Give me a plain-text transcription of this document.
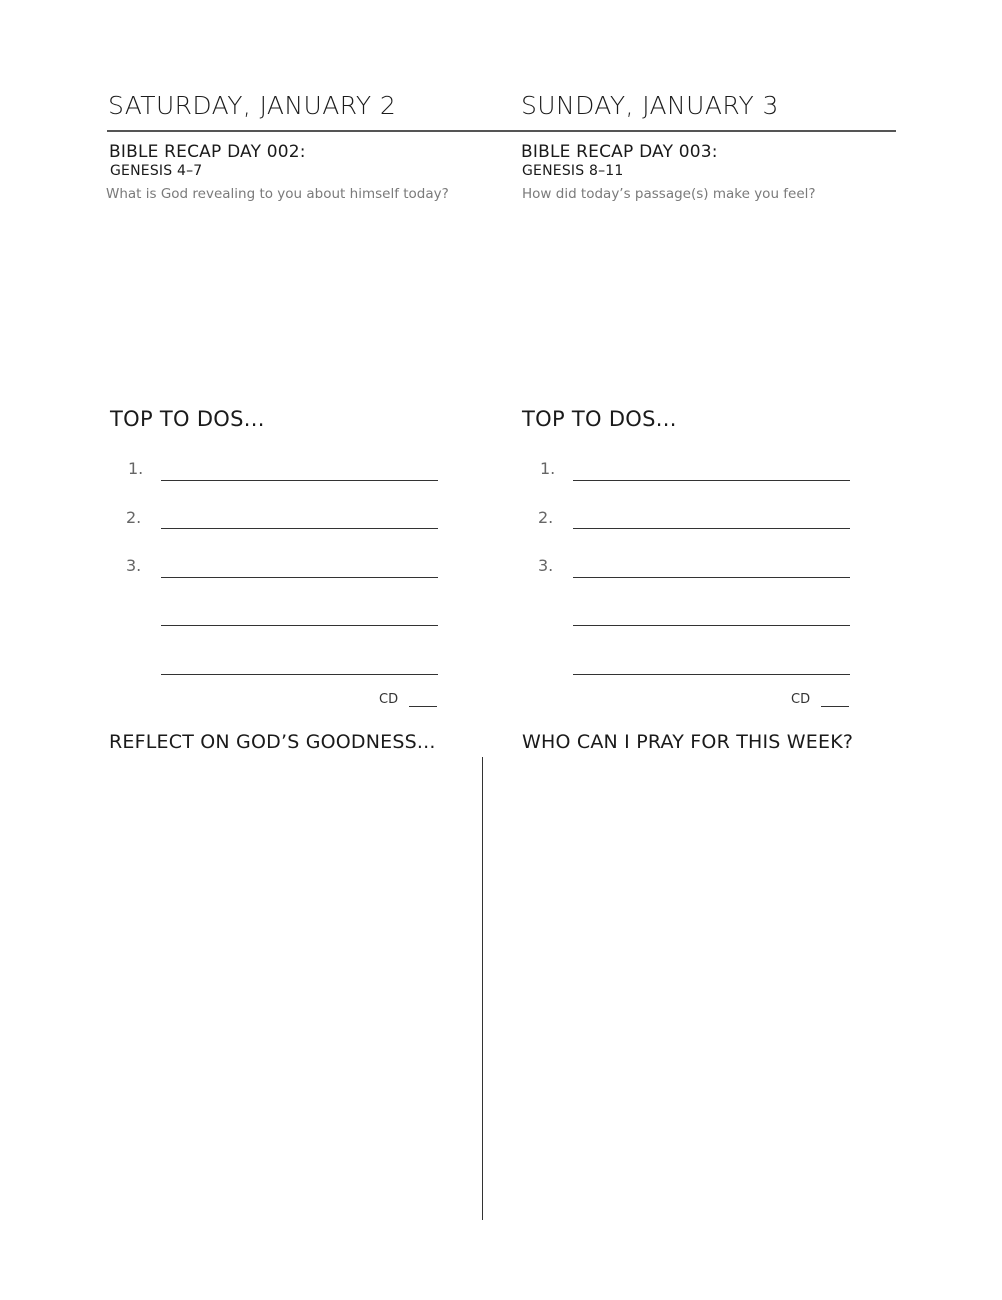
SATURDAY, JANUARY 2	SUNDAY, JANUARY 3
BIBLE RECAP DAY 002:
GENESIS 4–7
What is God revealing to you about himself today?
BIBLE RECAP DAY 003:
GENESIS 8–11
How did today’s passage(s) make you feel?
TOP TO DOS...
1.
2.
3.
CD
TOP TO DOS...
1.
2.
3.
CD
REFLECT ON GOD’S GOODNESS...	WHO CAN I PRAY FOR THIS WEEK?
